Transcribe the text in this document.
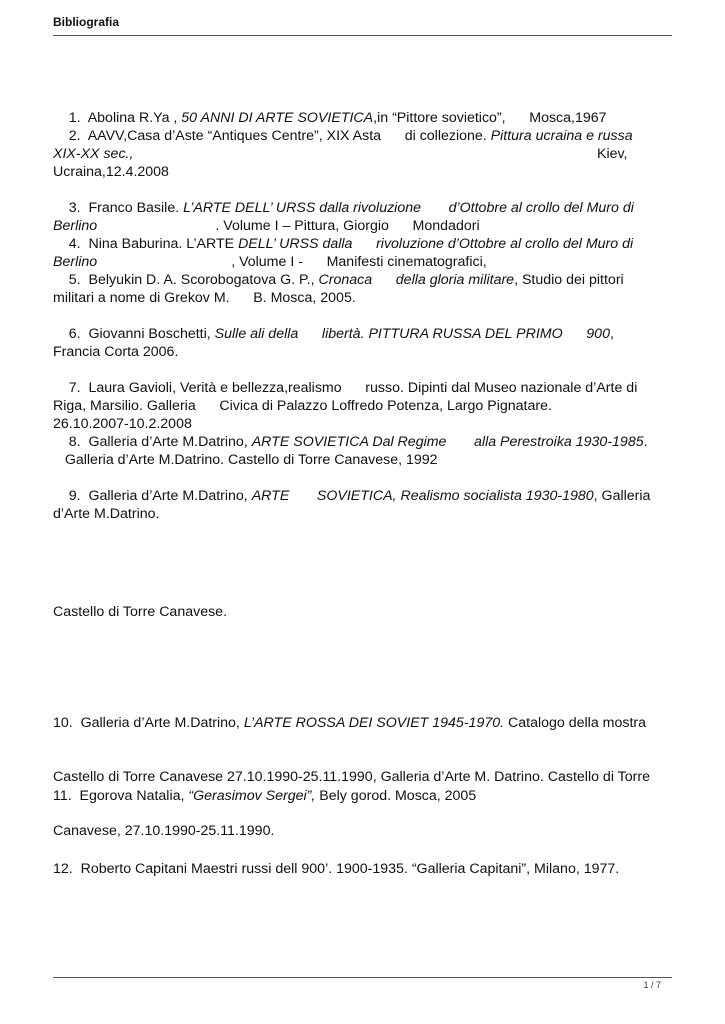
Bibliografia
1.  Abolina R.Ya , 50 ANNI DI ARTE SOVIETICA,in “Pittore sovietico”,      Mosca,1967
2.  AAVV,Casa d’Aste “Antiques Centre”, XIX Asta      di collezione. Pittura ucraina e russa
XIX-XX sec.,	Kiev,
Ucraina,12.4.2008
3.  Franco Basile. L’ARTE DELL’ URSS dalla rivoluzione       d’Ottobre al crollo del Muro di
Berlino                              . Volume I – Pittura, Giorgio      Mondadori
4.  Nina Baburina. L’ARTE DELL’ URSS dalla      rivoluzione d’Ottobre al crollo del Muro di
Berlino                                  , Volume I -      Manifesti cinematografici,
5.  Belyukin D. A. Scorobogatova G. P., Cronaca      della gloria militare, Studio dei pittori
militari a nome di Grekov M.      B. Mosca, 2005.
6.  Giovanni Boschetti, Sulle ali della      libertà. PITTURA RUSSA DEL PRIMO      900,
Francia Corta 2006.
7.  Laura Gavioli, Verità e bellezza,realismo      russo. Dipinti dal Museo nazionale d’Arte di
Riga, Marsilio. Galleria      Civica di Palazzo Loffredo Potenza, Largo Pignatare.
26.10.2007-10.2.2008
8.  Galleria d’Arte M.Datrino, ARTE SOVIETICA Dal Regime       alla Perestroika 1930-1985.
Galleria d’Arte M.Datrino. Castello di Torre Canavese, 1992
9.  Galleria d’Arte M.Datrino, ARTE       SOVIETICA, Realismo socialista 1930-1980, Galleria
d’Arte M.Datrino.
Castello di Torre Canavese.

10.  Galleria d’Arte M.Datrino, L’ARTE ROSSA DEI SOVIET 1945-1970. Catalogo della mostra

Castello di Torre Canavese 27.10.1990-25.11.1990, Galleria d’Arte M. Datrino. Castello di Torre

Canavese, 27.10.1990-25.11.1990.

11.  Egorova Natalia, “Gerasimov Sergei”, Bely gorod. Mosca, 2005
12.  Roberto Capitani Maestri russi dell 900’. 1900-1935. “Galleria Capitani”, Milano, 1977.
1 / 7
